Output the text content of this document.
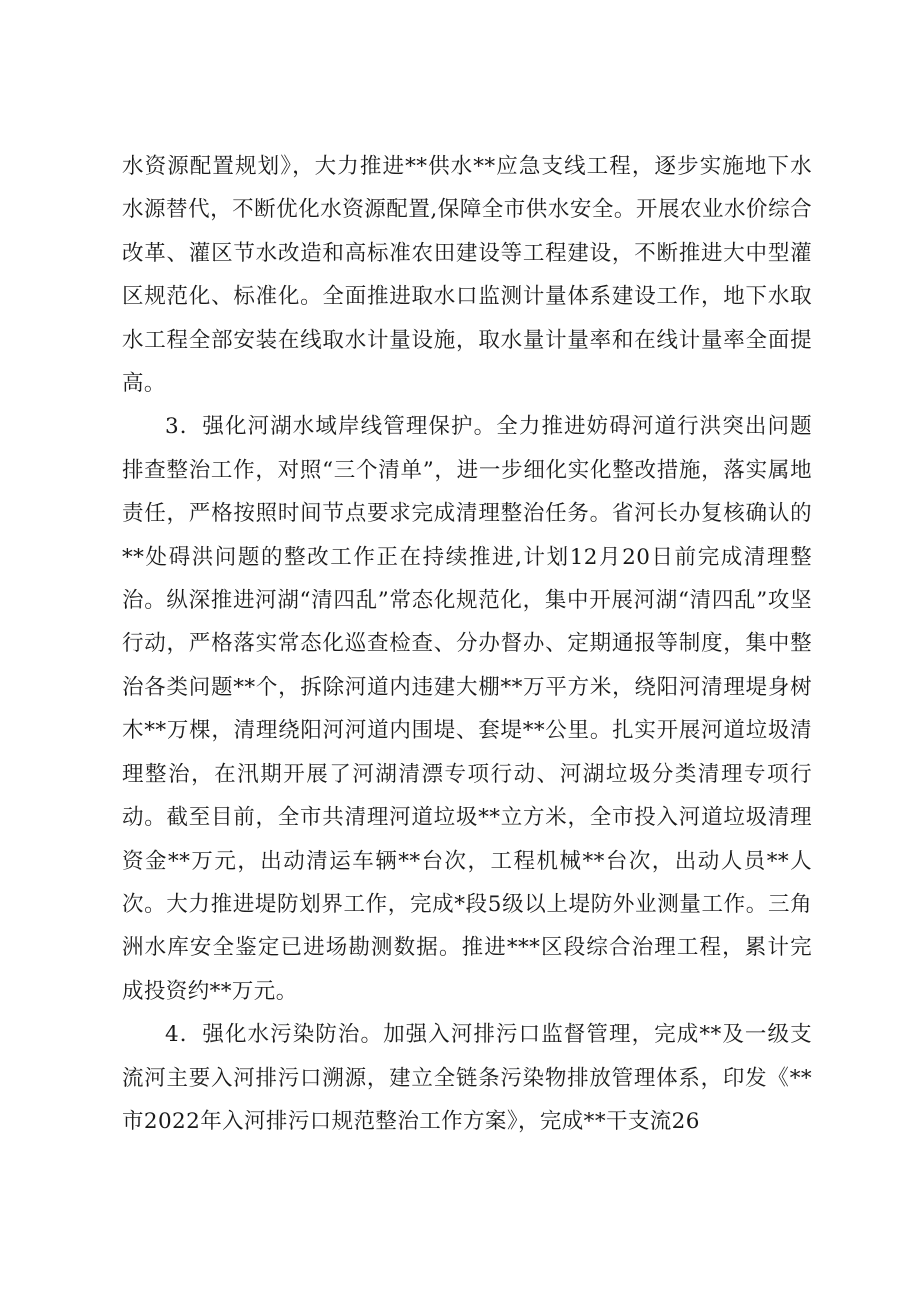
水资源配置规划》，大力推进**供水**应急支线工程，逐步实施地下水水源替代，不断优化水资源配置,保障全市供水安全。开展农业水价综合改革、灌区节水改造和高标准农田建设等工程建设，不断推进大中型灌区规范化、标准化。全面推进取水口监测计量体系建设工作，地下水取水工程全部安装在线取水计量设施，取水量计量率和在线计量率全面提高。

3．强化河湖水域岸线管理保护。全力推进妨碍河道行洪突出问题排查整治工作，对照“三个清单”，进一步细化实化整改措施，落实属地责任，严格按照时间节点要求完成清理整治任务。省河长办复核确认的**处碍洪问题的整改工作正在持续推进,计划12月20日前完成清理整治。纵深推进河湖“清四乱”常态化规范化，集中开展河湖“清四乱”攻坚行动，严格落实常态化巡查检查、分办督办、定期通报等制度，集中整治各类问题**个，拆除河道内违建大棚**万平方米，绕阳河清理堤身树木**万棵，清理绕阳河河道内围堤、套堤**公里。扎实开展河道垃圾清理整治，在汛期开展了河湖清漂专项行动、河湖垃圾分类清理专项行动。截至目前，全市共清理河道垃圾**立方米，全市投入河道垃圾清理资金**万元，出动清运车辆**台次，工程机械**台次，出动人员**人次。大力推进堤防划界工作，完成*段5级以上堤防外业测量工作。三角洲水库安全鉴定已进场勘测数据。推进***区段综合治理工程，累计完成投资约**万元。

4．强化水污染防治。加强入河排污口监督管理，完成**及一级支流河主要入河排污口溯源，建立全链条污染物排放管理体系，印发《**市2022年入河排污口规范整治工作方案》，完成**干支流26
